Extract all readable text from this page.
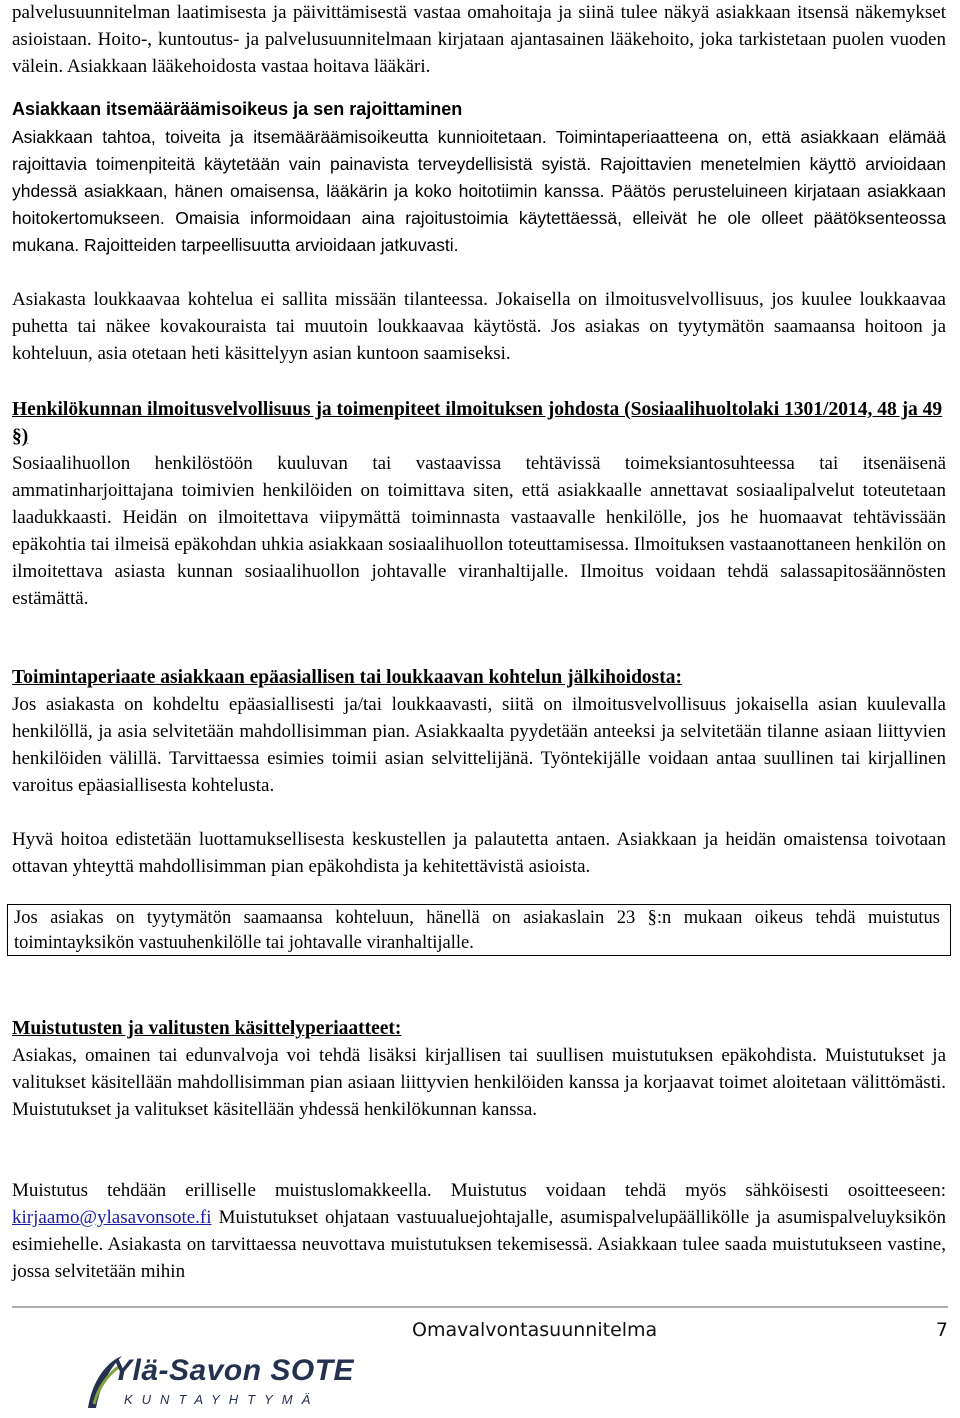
palvelusuunnitelman laatimisesta ja päivittämisestä vastaa omahoitaja ja siinä tulee näkyä asiakkaan itsensä näkemykset asioistaan. Hoito-, kuntoutus- ja palvelusuunnitelmaan kirjataan ajantasainen lääkehoito, joka tarkistetaan puolen vuoden välein. Asiakkaan lääkehoidosta vastaa hoitava lääkäri.

Asiakkaan itsemääräämisoikeus ja sen rajoittaminen

Asiakkaan tahtoa, toiveita ja itsemääräämisoikeutta kunnioitetaan. Toimintaperiaatteena on, että asiakkaan elämää rajoittavia toimenpiteitä käytetään vain painavista terveydellisistä syistä. Rajoittavien menetelmien käyttö arvioidaan yhdessä asiakkaan, hänen omaisensa, lääkärin ja koko hoitotiimin kanssa. Päätös perusteluineen kirjataan asiakkaan hoitokertomukseen. Omaisia informoidaan aina rajoitustoimia käytettäessä, elleivät he ole olleet päätöksenteossa mukana. Rajoitteiden tarpeellisuutta arvioidaan jatkuvasti.

Asiakasta loukkaavaa kohtelua ei sallita missään tilanteessa. Jokaisella on ilmoitusvelvollisuus, jos kuulee loukkaavaa puhetta tai näkee kovakouraista tai muutoin loukkaavaa käytöstä. Jos asiakas on tyytymätön saamaansa hoitoon ja kohteluun, asia otetaan heti käsittelyyn asian kuntoon saamiseksi.

Henkilökunnan ilmoitusvelvollisuus ja toimenpiteet ilmoituksen johdosta (Sosiaalihuoltolaki 1301/2014, 48 ja 49 §)

Sosiaalihuollon henkilöstöön kuuluvan tai vastaavissa tehtävissä toimeksiantosuhteessa tai itsenäisenä ammatinharjoittajana toimivien henkilöiden on toimittava siten, että asiakkaalle annettavat sosiaalipalvelut toteutetaan laadukkaasti. Heidän on ilmoitettava viipymättä toiminnasta vastaavalle henkilölle, jos he huomaavat tehtävissään epäkohtia tai ilmeisä epäkohdan uhkia asiakkaan sosiaalihuollon toteuttamisessa. Ilmoituksen vastaanottaneen henkilön on ilmoitettava asiasta kunnan sosiaalihuollon johtavalle viranhaltijalle. Ilmoitus voidaan tehdä salassapitosäännösten estämättä.

Toimintaperiaate asiakkaan epäasiallisen tai loukkaavan kohtelun jälkihoidosta:

Jos asiakasta on kohdeltu epäasiallisesti ja/tai loukkaavasti, siitä on ilmoitusvelvollisuus jokaisella asian kuulevalla henkilöllä, ja asia selvitetään mahdollisimman pian. Asiakkaalta pyydetään anteeksi ja selvitetään tilanne asiaan liittyvien henkilöiden välillä. Tarvittaessa esimies toimii asian selvittelijänä. Työntekijälle voidaan antaa suullinen tai kirjallinen varoitus epäasiallisesta kohtelusta.

Hyvä hoitoa edistetään luottamuksellisesta keskustellen ja palautetta antaen. Asiakkaan ja heidän omaistensa toivotaan ottavan yhteyttä mahdollisimman pian epäkohdista ja kehitettävistä asioista.

Jos asiakas on tyytymätön saamaansa kohteluun, hänellä on asiakaslain 23 §:n mukaan oikeus tehdä muistutus toimintayksikön vastuuhenkilölle tai johtavalle viranhaltijalle.

Muistutusten ja valitusten käsittelyperiaatteet:

Asiakas, omainen tai edunvalvoja voi tehdä lisäksi kirjallisen tai suullisen muistutuksen epäkohdista. Muistutukset ja valitukset käsitellään mahdollisimman pian asiaan liittyvien henkilöiden kanssa ja korjaavat toimet aloitetaan välittömästi. Muistutukset ja valitukset käsitellään yhdessä henkilökunnan kanssa.

Muistutus tehdään erilliselle muistuslomakkeella. Muistutus voidaan tehdä myös sähköisesti osoitteeseen: kirjaamo@ylasavonsote.fi Muistutukset ohjataan vastuualuejohtajalle, asumispalvelupäällikölle ja asumispalveluyksikön esimiehelle. Asiakasta on tarvittaessa neuvottava muistutuksen tekemisessä. Asiakkaan tulee saada muistutukseen vastine, jossa selvitetään mihin

Omavalvontasuunnitelma	7
Ylä-Savon SOTE
KUNTAYHTYMÄ
